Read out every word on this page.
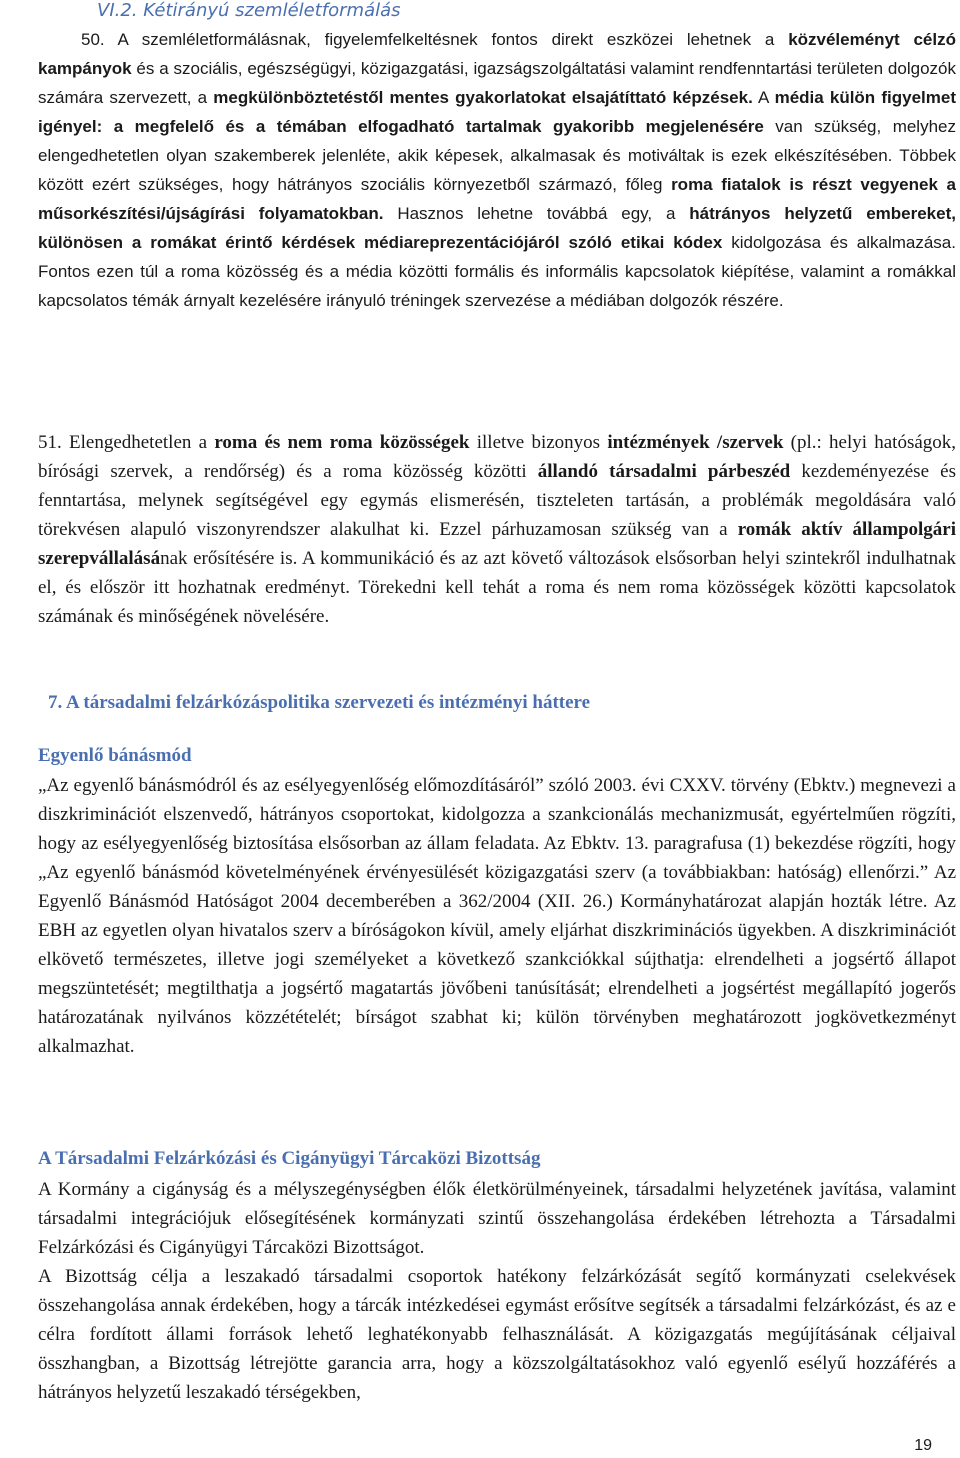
VI.2. Kétirányú szemléletformálás

50. A szemléletformálásnak, figyelemfelkeltésnek fontos direkt eszközei lehetnek a közvéleményt célzó kampányok és a szociális, egészségügyi, közigazgatási, igazságszolgáltatási valamint rendfenntartási területen dolgozók számára szervezett, a megkülönböztetéstől mentes gyakorlatokat elsajátíttató képzések. A média külön figyelmet igényel: a megfelelő és a témában elfogadható tartalmak gyakoribb megjelenésére van szükség, melyhez elengedhetetlen olyan szakemberek jelenléte, akik képesek, alkalmasak és motiváltak is ezek elkészítésében. Többek között ezért szükséges, hogy hátrányos szociális környezetből származó, főleg roma fiatalok is részt vegyenek a műsorkészítési/újságírási folyamatokban. Hasznos lehetne továbbá egy, a hátrányos helyzetű embereket, különösen a romákat érintő kérdések médiareprezentációjáról szóló etikai kódex kidolgozása és alkalmazása. Fontos ezen túl a roma közösség és a média közötti formális és informális kapcsolatok kiépítése, valamint a romákkal kapcsolatos témák árnyalt kezelésére irányuló tréningek szervezése a médiában dolgozók részére.

51. Elengedhetetlen a roma és nem roma közösségek illetve bizonyos intézmények /szervek (pl.: helyi hatóságok, bírósági szervek, a rendőrség) és a roma közösség közötti állandó társadalmi párbeszéd kezdeményezése és fenntartása, melynek segítségével egy egymás elismerésén, tiszteleten tartásán, a problémák megoldására való törekvésen alapuló viszonyrendszer alakulhat ki. Ezzel párhuzamosan szükség van a romák aktív állampolgári szerepvállalásának erősítésére is. A kommunikáció és az azt követő változások elsősorban helyi szintekről indulhatnak el, és először itt hozhatnak eredményt. Törekedni kell tehát a roma és nem roma közösségek közötti kapcsolatok számának és minőségének növelésére.

7. A társadalmi felzárkózáspolitika szervezeti és intézményi háttere
Egyenlő bánásmód

„Az egyenlő bánásmódról és az esélyegyenlőség előmozdításáról” szóló 2003. évi CXXV. törvény (Ebktv.) megnevezi a diszkriminációt elszenvedő, hátrányos csoportokat, kidolgozza a szankcionálás mechanizmusát, egyértelműen rögzíti, hogy az esélyegyenlőség biztosítása elsősorban az állam feladata. Az Ebktv. 13. paragrafusa (1) bekezdése rögzíti, hogy „Az egyenlő bánásmód követelményének érvényesülését közigazgatási szerv (a továbbiakban: hatóság) ellenőrzi.” Az Egyenlő Bánásmód Hatóságot 2004 decemberében a 362/2004 (XII. 26.) Kormányhatározat alapján hozták létre. Az EBH az egyetlen olyan hivatalos szerv a bíróságokon kívül, amely eljárhat diszkriminációs ügyekben. A diszkriminációt elkövető természetes, illetve jogi személyeket a következő szankciókkal sújthatja: elrendelheti a jogsértő állapot megszüntetését; megtilthatja a jogsértő magatartás jövőbeni tanúsítását; elrendelheti a jogsértést megállapító jogerős határozatának nyilvános közzétételét; bírságot szabhat ki; külön törvényben meghatározott jogkövetkezményt alkalmazhat.

A Társadalmi Felzárkózási és Cigányügyi Tárcaközi Bizottság

A Kormány a cigányság és a mélyszegénységben élők életkörülményeinek, társadalmi helyzetének javítása, valamint társadalmi integrációjuk elősegítésének kormányzati szintű összehangolása érdekében létrehozta a Társadalmi Felzárkózási és Cigányügyi Tárcaközi Bizottságot.

A Bizottság célja a leszakadó társadalmi csoportok hatékony felzárkózását segítő kormányzati cselekvések összehangolása annak érdekében, hogy a tárcák intézkedései egymást erősítve segítsék a társadalmi felzárkózást, és az e célra fordított állami források lehető leghatékonyabb felhasználását. A közigazgatás megújításának céljaival összhangban, a Bizottság létrejötte garancia arra, hogy a közszolgáltatásokhoz való egyenlő esélyű hozzáférés a hátrányos helyzetű leszakadó térségekben,

19
